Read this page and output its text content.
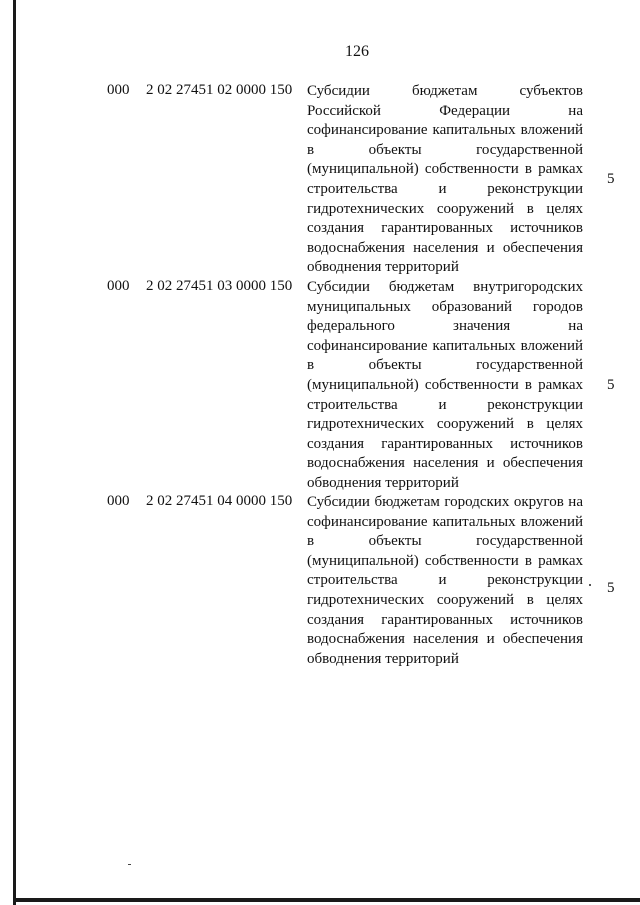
126
000 2 02 27451 02 0000 150 Субсидии бюджетам субъектов
Российской Федерации на
софинансирование капитальных вложений
в объекты государственной
(муниципальной) собственности в рамках
строительства и реконструкции
гидротехнических сооружений в целях
создания гарантированных источников
водоснабжения населения и обеспечения
обводнения территорий
5
000 2 02 27451 03 0000 150 Субсидии бюджетам внутригородских
муниципальных образований городов
федерального значения на
софинансирование капитальных вложений
в объекты государственной
(муниципальной) собственности в рамках
строительства и реконструкции
гидротехнических сооружений в целях
создания гарантированных источников
водоснабжения населения и обеспечения
обводнения территорий
5
000 2 02 27451 04 0000 150 Субсидии бюджетам городских округов на
софинансирование капитальных вложений
в объекты государственной
(муниципальной) собственности в рамках
строительства и реконструкции
гидротехнических сооружений в целях
создания гарантированных источников
водоснабжения населения и обеспечения
обводнения территорий
5
